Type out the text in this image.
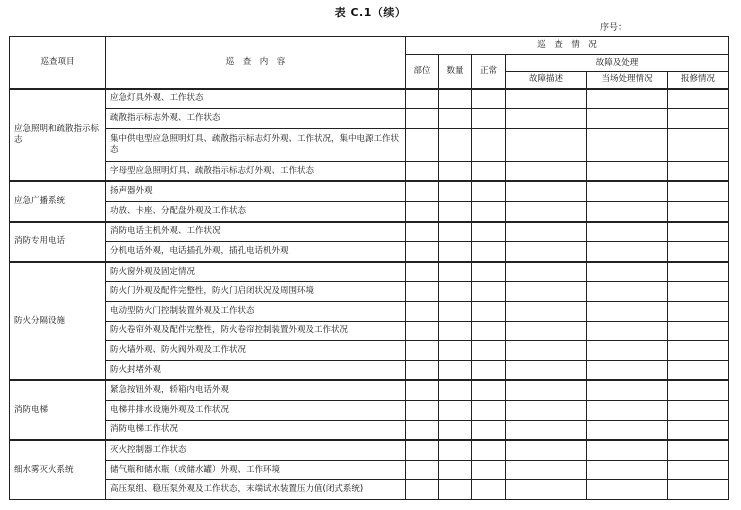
表 C.1（续）
序号：
巡查项目	巡　查　内　容	巡　查　情　况					
		部位	数量	正常	故障及处理		
					故障描述	当场处理情况	报修情况
应急照明和疏散指示标志	应急灯具外观、工作状态						
	疏散指示标志外观、工作状态						
	集中供电型应急照明灯具、疏散指示标志灯外观、工作状况，集中电源工作状态						
	字母型应急照明灯具、疏散指示标志灯外观、工作状态						
应急广播系统	扬声器外观						
	功放、卡座、分配盘外观及工作状态						
消防专用电话	消防电话主机外观、工作状况						
	分机电话外观，电话插孔外观，插孔电话机外观						
防火分隔设施	防火窗外观及固定情况						
	防火门外观及配件完整性，防火门启闭状况及周围环境						
	电动型防火门控制装置外观及工作状态						
	防火卷帘外观及配件完整性，防火卷帘控制装置外观及工作状况						
	防火墙外观、防火阀外观及工作状况						
	防火封堵外观						
消防电梯	紧急按钮外观，轿箱内电话外观						
	电梯井排水设施外观及工作状况						
	消防电梯工作状况						
细水雾灭火系统	灭火控制器工作状态						
	储气瓶和储水瓶（或储水罐）外观、工作环境						
	高压泵组、稳压泵外观及工作状态，末端试水装置压力值(闭式系统)						
